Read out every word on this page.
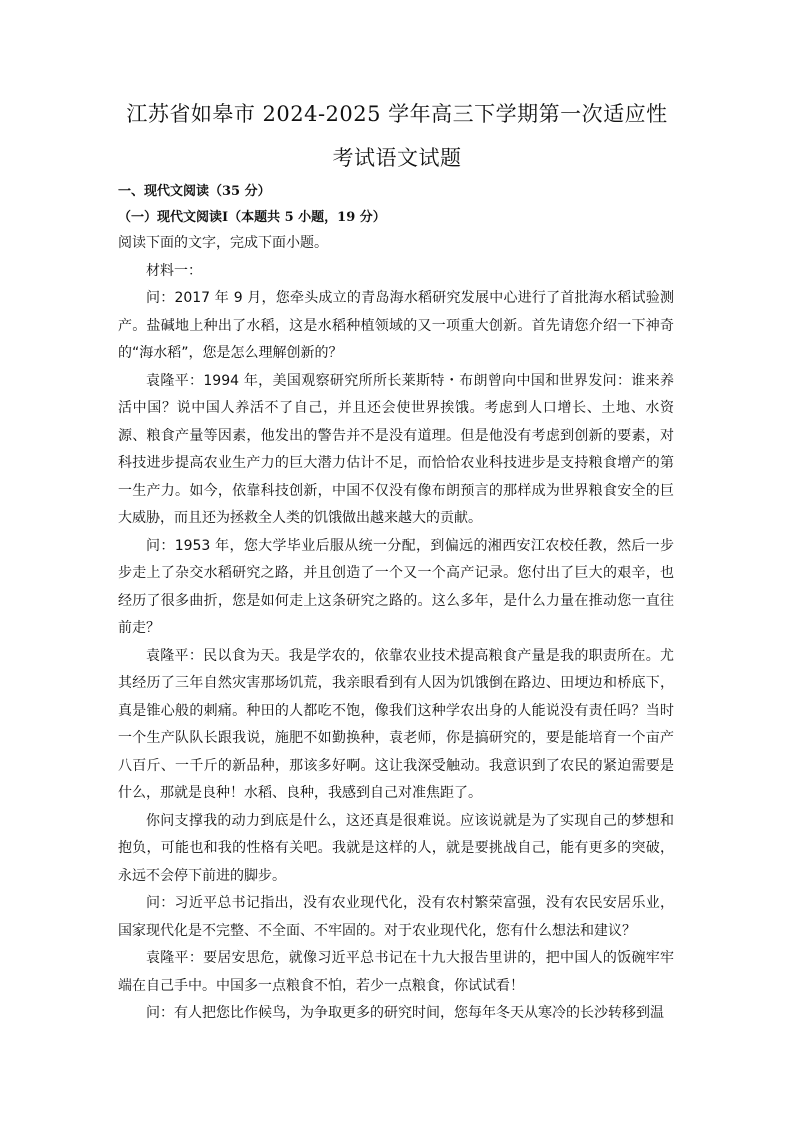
江苏省如皋市 2024-2025 学年高三下学期第一次适应性
考试语文试题
一、现代文阅读（35 分）
（一）现代文阅读Ⅰ（本题共 5 小题，19 分）

阅读下面的文字，完成下面小题。

材料一：

问：2017 年 9 月，您牵头成立的青岛海水稻研究发展中心进行了首批海水稻试验测产。盐碱地上种出了水稻，这是水稻种植领域的又一项重大创新。首先请您介绍一下神奇的“海水稻”，您是怎么理解创新的？

袁隆平：1994 年，美国观察研究所所长莱斯特・布朗曾向中国和世界发问：谁来养活中国？说中国人养活不了自己，并且还会使世界挨饿。考虑到人口增长、土地、水资源、粮食产量等因素，他发出的警告并不是没有道理。但是他没有考虑到创新的要素，对科技进步提高农业生产力的巨大潜力估计不足，而恰恰农业科技进步是支持粮食增产的第一生产力。如今，依靠科技创新，中国不仅没有像布朗预言的那样成为世界粮食安全的巨大威胁，而且还为拯救全人类的饥饿做出越来越大的贡献。

问：1953 年，您大学毕业后服从统一分配，到偏远的湘西安江农校任教，然后一步步走上了杂交水稻研究之路，并且创造了一个又一个高产记录。您付出了巨大的艰辛，也经历了很多曲折，您是如何走上这条研究之路的。这么多年，是什么力量在推动您一直往前走？

袁隆平：民以食为天。我是学农的，依靠农业技术提高粮食产量是我的职责所在。尤其经历了三年自然灾害那场饥荒，我亲眼看到有人因为饥饿倒在路边、田埂边和桥底下，真是锥心般的刺痛。种田的人都吃不饱，像我们这种学农出身的人能说没有责任吗？当时一个生产队队长跟我说，施肥不如勤换种，袁老师，你是搞研究的，要是能培育一个亩产八百斤、一千斤的新品种，那该多好啊。这让我深受触动。我意识到了农民的紧迫需要是什么，那就是良种！水稻、良种，我感到自己对准焦距了。

你问支撑我的动力到底是什么，这还真是很难说。应该说就是为了实现自己的梦想和抱负，可能也和我的性格有关吧。我就是这样的人，就是要挑战自己，能有更多的突破，永远不会停下前进的脚步。

问：习近平总书记指出，没有农业现代化，没有农村繁荣富强，没有农民安居乐业，国家现代化是不完整、不全面、不牢固的。对于农业现代化，您有什么想法和建议？

袁隆平：要居安思危，就像习近平总书记在十九大报告里讲的，把中国人的饭碗牢牢端在自己手中。中国多一点粮食不怕，若少一点粮食，你试试看！

问：有人把您比作候鸟，为争取更多的研究时间，您每年冬天从寒冷的长沙转移到温
